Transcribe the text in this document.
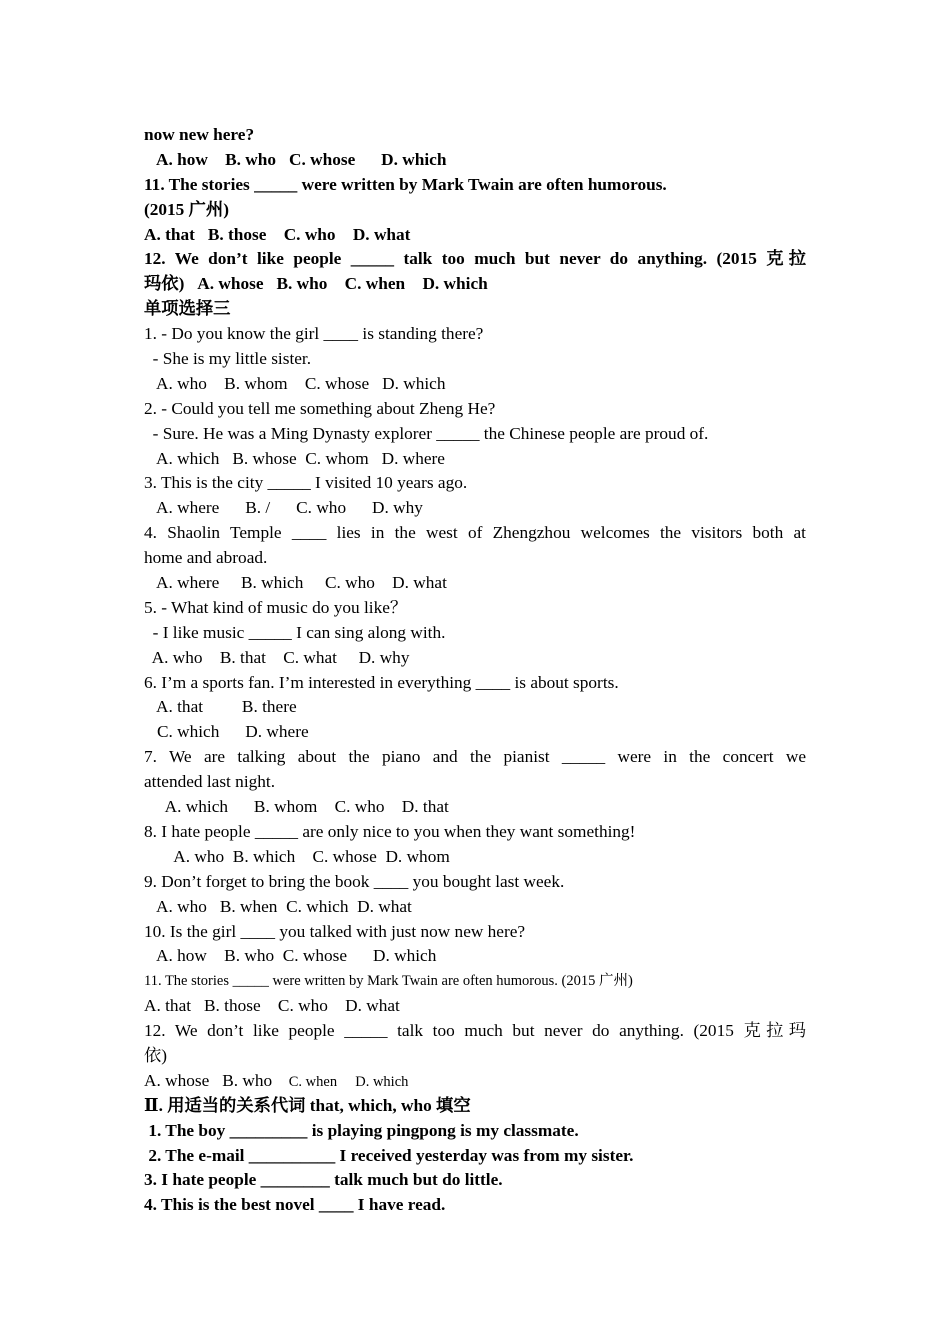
now new here?
A. how    B. who   C. whose      D. which
11. The stories _____ were written by Mark Twain are often humorous.
(2015 广州)
A. that   B. those    C. who    D. what
12. We don’t like people _____ talk too much but never do anything. (2015 克拉
玛依)   A. whose   B. who    C. when    D. which
单项选择三
1. - Do you know the girl ____ is standing there?
- She is my little sister.
A. who    B. whom    C. whose   D. which
2. - Could you tell me something about Zheng He?
- Sure. He was a Ming Dynasty explorer _____ the Chinese people are proud of.
A. which   B. whose  C. whom   D. where
3. This is the city _____ I visited 10 years ago.
A. where      B. /      C. who      D. why
4. Shaolin Temple ____ lies in the west of Zhengzhou welcomes the visitors both at
home and abroad.
A. where     B. which     C. who    D. what
5. - What kind of music do you like？
- I like music _____ I can sing along with.
A. who    B. that    C. what     D. why
6. I’m a sports fan. I’m interested in everything ____ is about sports.
A. that         B. there
C. which      D. where
7. We are talking about the piano and the pianist _____ were in the concert we
attended last night.
A. which      B. whom    C. who    D. that
8. I hate people _____ are only nice to you when they want something!
A. who  B. which    C. whose  D. whom
9. Don’t forget to bring the book ____ you bought last week.
A. who   B. when  C. which  D. what
10. Is the girl ____ you talked with just now new here?
A. how    B. who  C. whose      D. which
11. The stories _____ were written by Mark Twain are often humorous. (2015 广州)
A. that   B. those    C. who    D. what
12. We don’t like people _____ talk too much but never do anything. (2015 克拉玛
依)
A. whose   B. who    C. when     D. which
Ⅱ. 用适当的关系代词 that, which, who 填空
1. The boy _________ is playing pingpong is my classmate.
2. The e-mail __________ I received yesterday was from my sister.
3. I hate people ________ talk much but do little.
4. This is the best novel ____ I have read.
